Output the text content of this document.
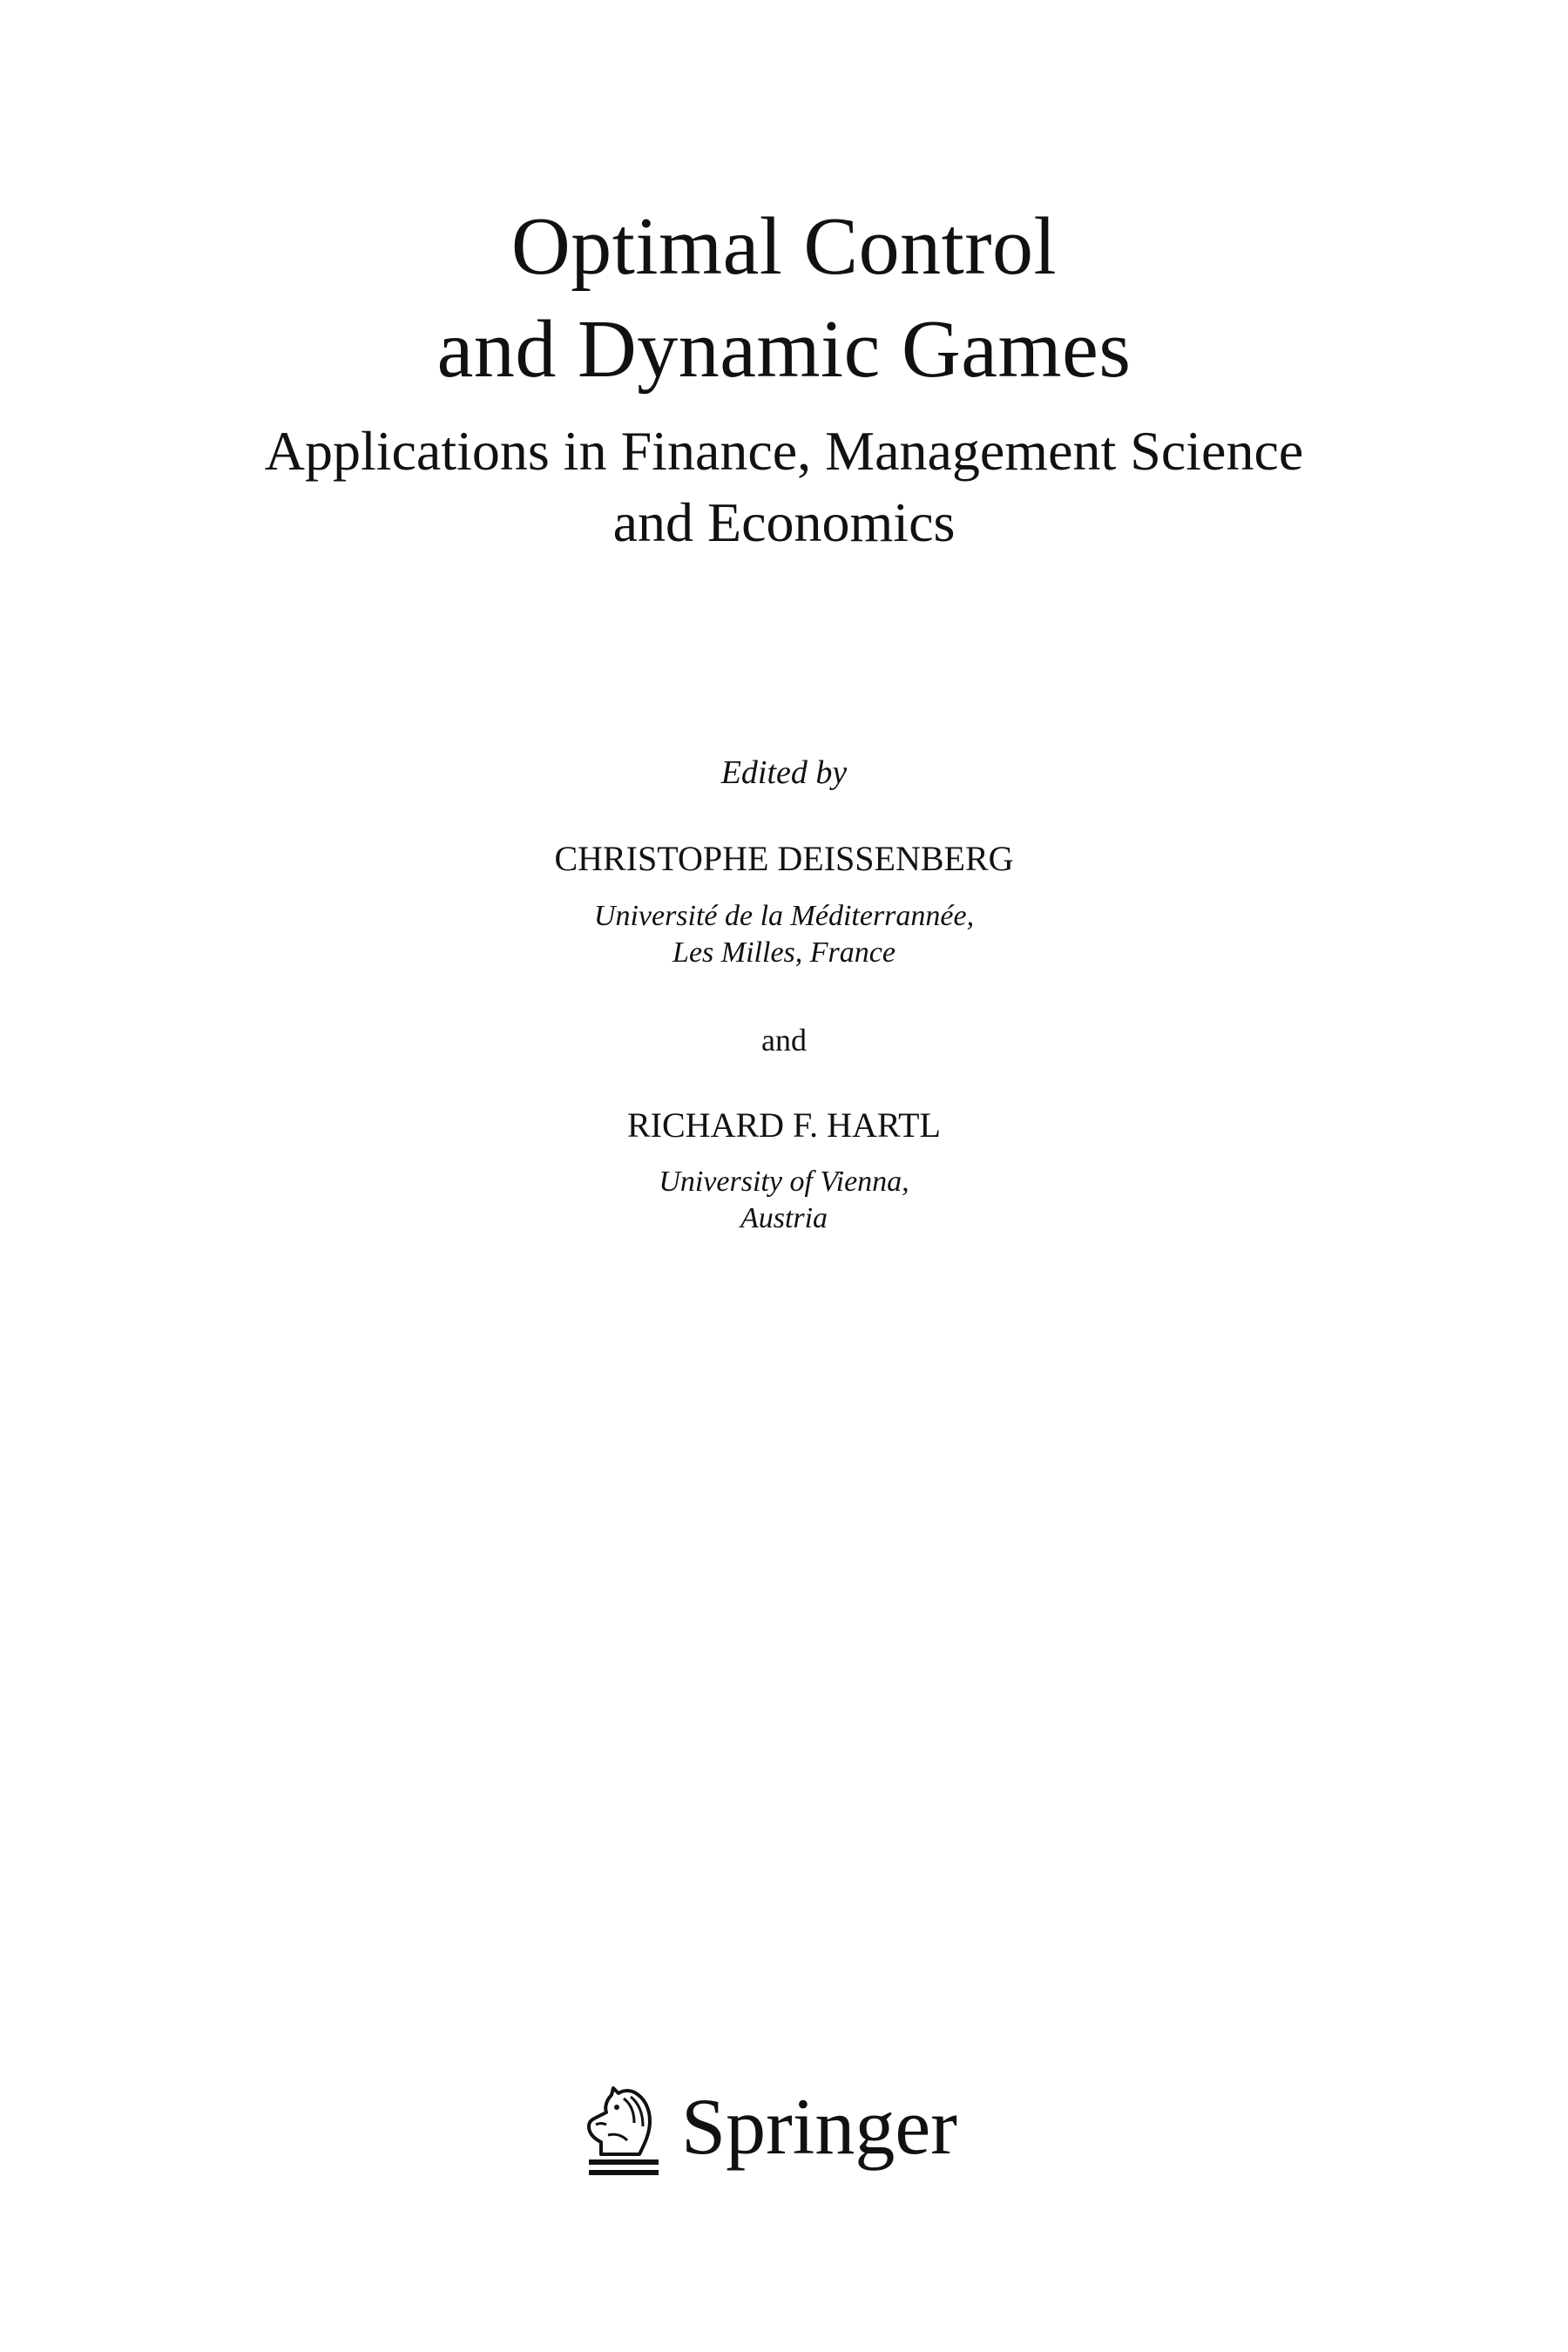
Optimal Control
and Dynamic Games
Applications in Finance, Management Science
and Economics
Edited by
CHRISTOPHE DEISSENBERG
Université de la Méditerrannée,
Les Milles, France
and
RICHARD F. HARTL
University of Vienna,
Austria
Springer
